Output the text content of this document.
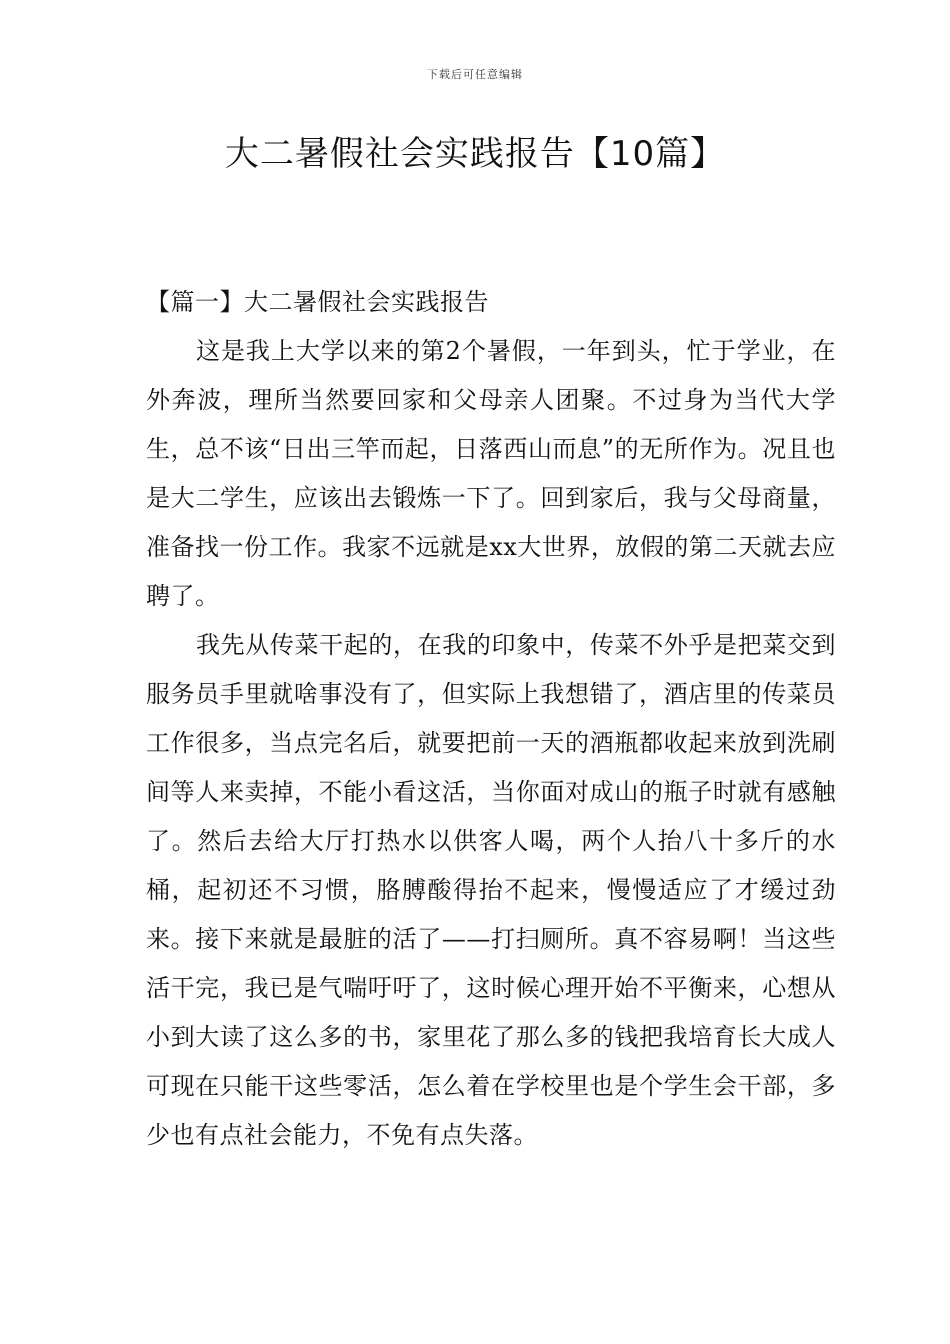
下载后可任意编辑
大二暑假社会实践报告【10篇】

【篇一】大二暑假社会实践报告

这是我上大学以来的第2个暑假，一年到头，忙于学业，在外奔波，理所当然要回家和父母亲人团聚。不过身为当代大学生，总不该“日出三竿而起，日落西山而息”的无所作为。况且也是大二学生，应该出去锻炼一下了。回到家后，我与父母商量，准备找一份工作。我家不远就是xx大世界，放假的第二天就去应聘了。

我先从传菜干起的，在我的印象中，传菜不外乎是把菜交到服务员手里就啥事没有了，但实际上我想错了，酒店里的传菜员工作很多，当点完名后，就要把前一天的酒瓶都收起来放到洗刷间等人来卖掉，不能小看这活，当你面对成山的瓶子时就有感触了。然后去给大厅打热水以供客人喝，两个人抬八十多斤的水桶，起初还不习惯，胳膊酸得抬不起来，慢慢适应了才缓过劲来。接下来就是最脏的活了——打扫厕所。真不容易啊！当这些活干完，我已是气喘吁吁了，这时候心理开始不平衡来，心想从小到大读了这么多的书，家里花了那么多的钱把我培育长大成人可现在只能干这些零活，怎么着在学校里也是个学生会干部，多少也有点社会能力，不免有点失落。
